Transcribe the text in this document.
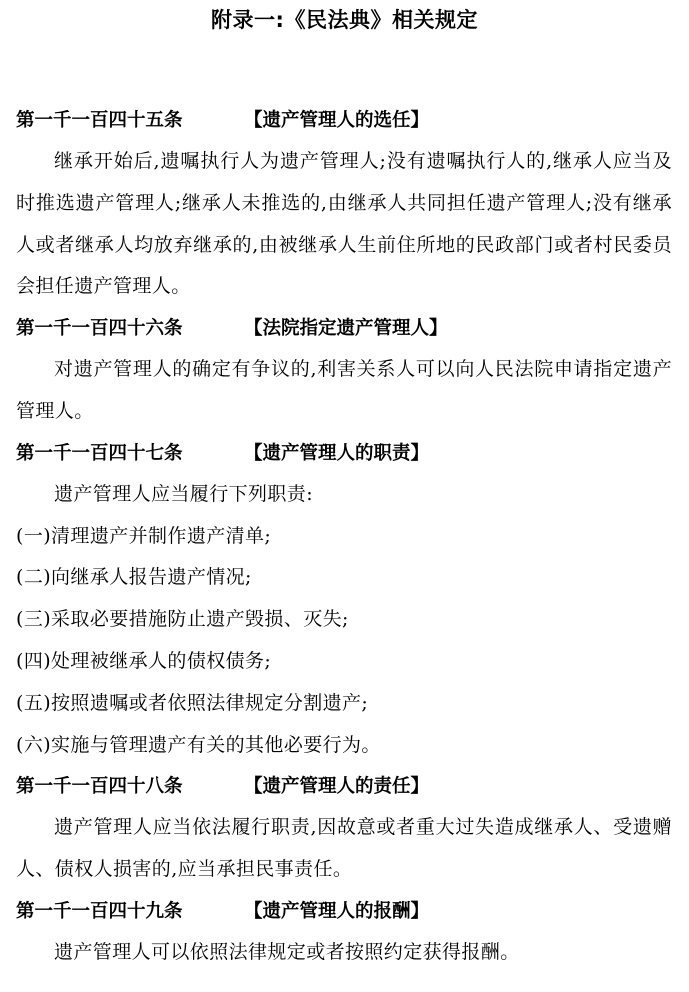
附录一:《民法典》相关规定
第一千一百四十五条	【遗产管理人的选任】

继承开始后,遗嘱执行人为遗产管理人;没有遗嘱执行人的,继承人应当及时推选遗产管理人;继承人未推选的,由继承人共同担任遗产管理人;没有继承人或者继承人均放弃继承的,由被继承人生前住所地的民政部门或者村民委员会担任遗产管理人。

第一千一百四十六条	【法院指定遗产管理人】

对遗产管理人的确定有争议的,利害关系人可以向人民法院申请指定遗产管理人。

第一千一百四十七条	【遗产管理人的职责】

遗产管理人应当履行下列职责:

(一)清理遗产并制作遗产清单;

(二)向继承人报告遗产情况;

(三)采取必要措施防止遗产毁损、灭失;

(四)处理被继承人的债权债务;

(五)按照遗嘱或者依照法律规定分割遗产;

(六)实施与管理遗产有关的其他必要行为。

第一千一百四十八条	【遗产管理人的责任】

遗产管理人应当依法履行职责,因故意或者重大过失造成继承人、受遗赠人、债权人损害的,应当承担民事责任。

第一千一百四十九条	【遗产管理人的报酬】

遗产管理人可以依照法律规定或者按照约定获得报酬。
